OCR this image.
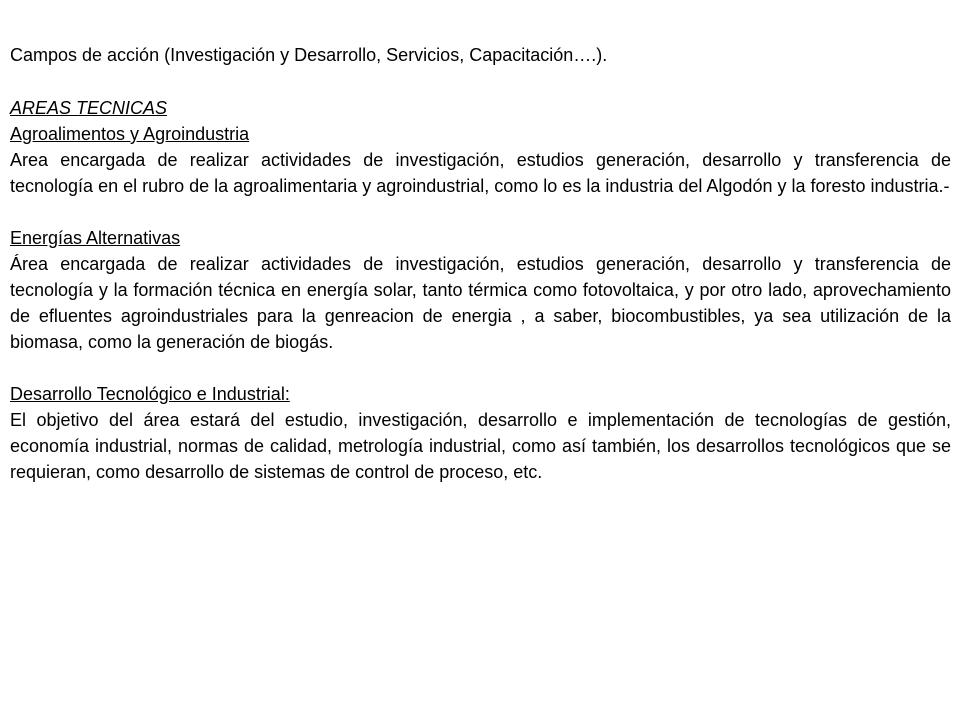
Campos de acción (Investigación y Desarrollo, Servicios, Capacitación….).

AREAS TECNICAS
Agroalimentos y Agroindustria

Area encargada de realizar actividades de investigación, estudios generación, desarrollo y transferencia de tecnología en el rubro de la agroalimentaria y agroindustrial, como lo es la industria del Algodón y la foresto industria.-

Energías Alternativas

Área encargada de realizar actividades de investigación, estudios generación, desarrollo y transferencia de tecnología y la formación técnica en energía solar, tanto térmica como fotovoltaica, y por otro lado, aprovechamiento de efluentes agroindustriales para la genreacion de energia , a saber, biocombustibles, ya sea utilización de la biomasa, como la generación de biogás.

Desarrollo Tecnológico e Industrial:

El objetivo del área estará del estudio, investigación, desarrollo e implementación de tecnologías de gestión, economía industrial, normas de calidad, metrología industrial, como así también, los desarrollos tecnológicos que se requieran, como desarrollo de sistemas de control de proceso, etc.
